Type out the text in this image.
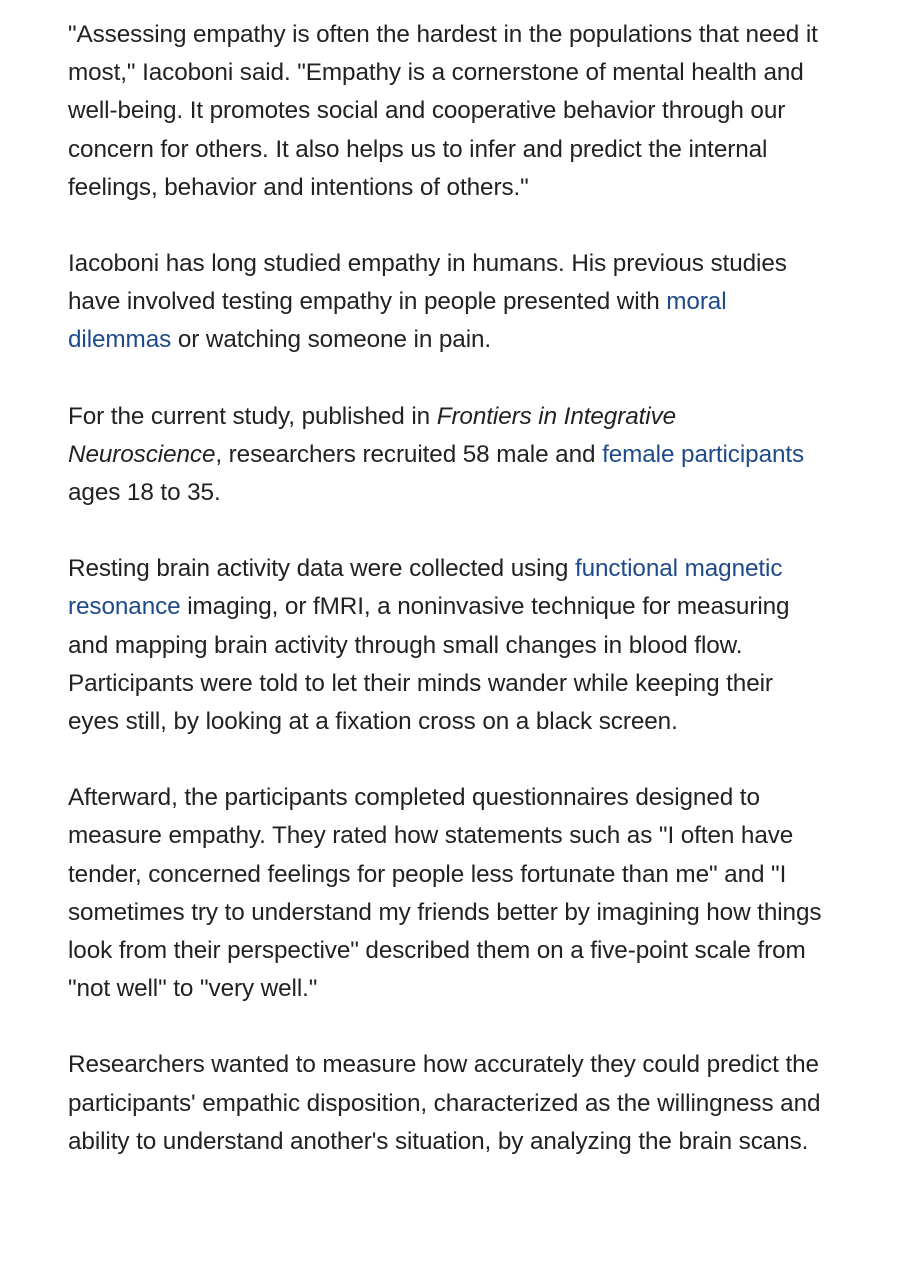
"Assessing empathy is often the hardest in the populations that need it most," Iacoboni said. "Empathy is a cornerstone of mental health and well-being. It promotes social and cooperative behavior through our concern for others. It also helps us to infer and predict the internal feelings, behavior and intentions of others."

Iacoboni has long studied empathy in humans. His previous studies have involved testing empathy in people presented with moral dilemmas or watching someone in pain.

For the current study, published in Frontiers in Integrative Neuroscience, researchers recruited 58 male and female participants ages 18 to 35.

Resting brain activity data were collected using functional magnetic resonance imaging, or fMRI, a noninvasive technique for measuring and mapping brain activity through small changes in blood flow. Participants were told to let their minds wander while keeping their eyes still, by looking at a fixation cross on a black screen.

Afterward, the participants completed questionnaires designed to measure empathy. They rated how statements such as "I often have tender, concerned feelings for people less fortunate than me" and "I sometimes try to understand my friends better by imagining how things look from their perspective" described them on a five-point scale from "not well" to "very well."

Researchers wanted to measure how accurately they could predict the participants' empathic disposition, characterized as the willingness and ability to understand another's situation, by analyzing the brain scans.
